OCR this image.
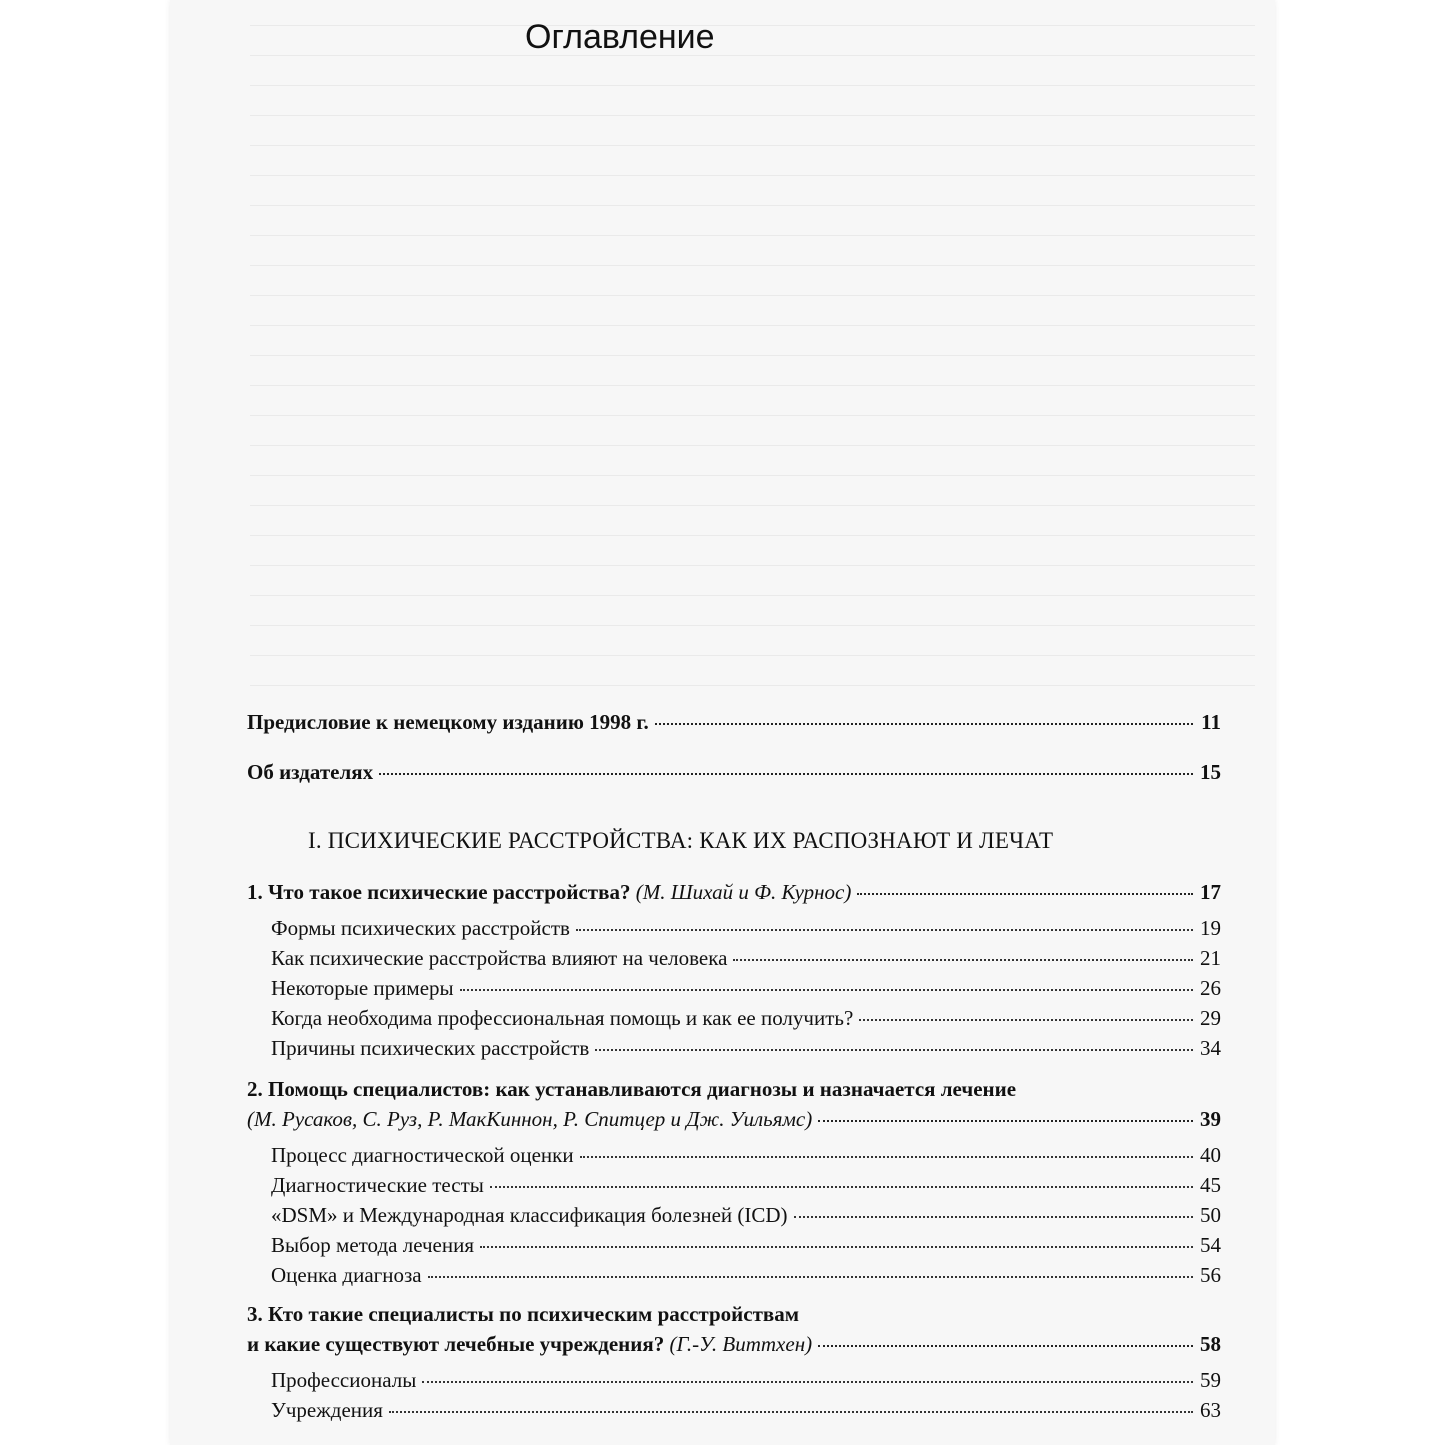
Оглавление
Предисловие к немецкому изданию 1998 г.	11
Об издателях	15
1. Что такое психические расстройства? (М. Шихай и Ф. Курнос)	17
Формы психических расстройств	19
Как психические расстройства влияют на человека	21
Некоторые примеры	26
Когда необходима профессиональная помощь и как ее получить?	29
Причины психических расстройств	34
2. Помощь специалистов: как устанавливаются диагнозы и назначается лечение
(М. Русаков, С. Руз, Р. МакКиннон, Р. Спитцер и Дж. Уильямс)	39
Процесс диагностической оценки	40
Диагностические тесты	45
«DSM» и Международная классификация болезней (ICD)	50
Выбор метода лечения	54
Оценка диагноза	56
3. Кто такие специалисты по психическим расстройствам
и какие существуют лечебные учреждения? (Г.-У. Виттхен)	58
Профессионалы	59
Учреждения	63
I. ПСИХИЧЕСКИЕ РАССТРОЙСТВА: КАК ИХ РАСПОЗНАЮТ И ЛЕЧАТ
